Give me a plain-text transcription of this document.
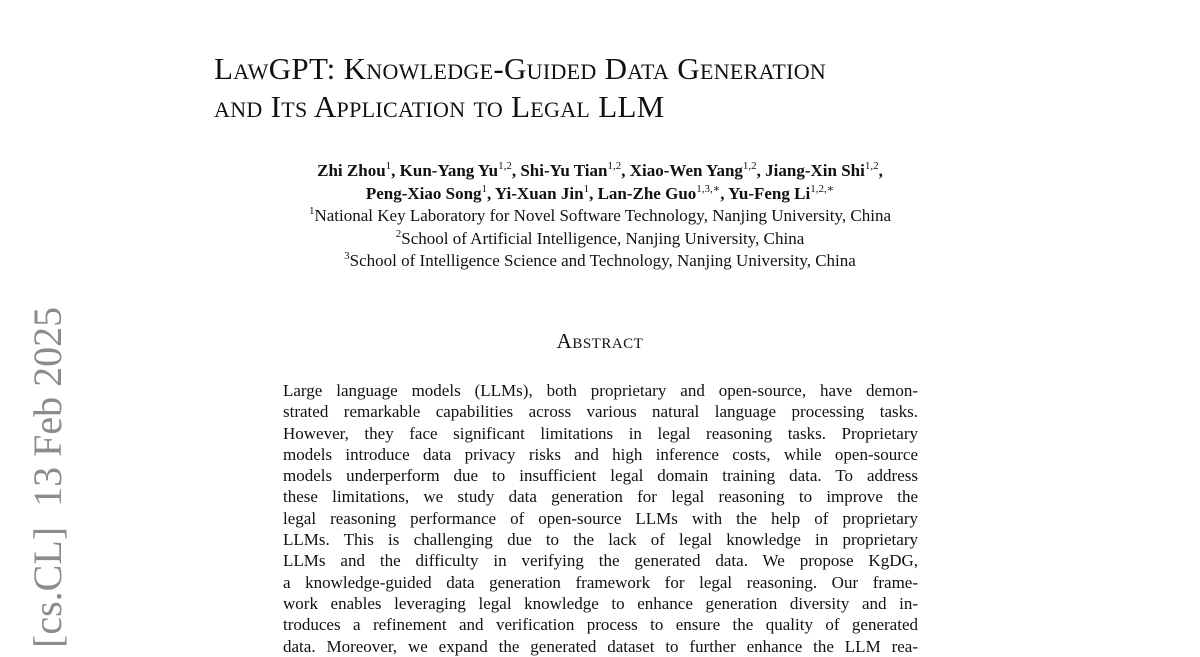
[cs.CL]  13 Feb 2025
LawGPT: Knowledge-Guided Data Generation
and Its Application to Legal LLM
Zhi Zhou$^1$, Kun-Yang Yu$^{1,2}$, Shi-Yu Tian$^{1,2}$, Xiao-Wen Yang$^{1,2}$, Jiang-Xin Shi$^{1,2}$,
Peng-Xiao Song$^1$, Yi-Xuan Jin$^1$, Lan-Zhe Guo$^{1,3,∗}$, Yu-Feng $Li^{1,2,∗}$
$^1$National Key Laboratory for Novel Software Technology, Nanjing University, China
$^2$School of Artificial Intelligence, Nanjing University, China
$^3$School of Intelligence Science and Technology, Nanjing University, China
Abstract
Large language models (LLMs), both proprietary and open-source, have demon-
strated remarkable capabilities across various natural language processing tasks.
However, they face significant limitations in legal reasoning tasks. Proprietary
models introduce data privacy risks and high inference costs, while open-source
models underperform due to insufficient legal domain training data. To address
these limitations, we study data generation for legal reasoning to improve the
legal reasoning performance of open-source LLMs with the help of proprietary
LLMs. This is challenging due to the lack of legal knowledge in proprietary
LLMs and the difficulty in verifying the generated data. We propose KgDG,
a knowledge-guided data generation framework for legal reasoning. Our frame-
work enables leveraging legal knowledge to enhance generation diversity and in-
troduces a refinement and verification process to ensure the quality of generated
data. Moreover, we expand the generated dataset to further enhance the LLM rea-
